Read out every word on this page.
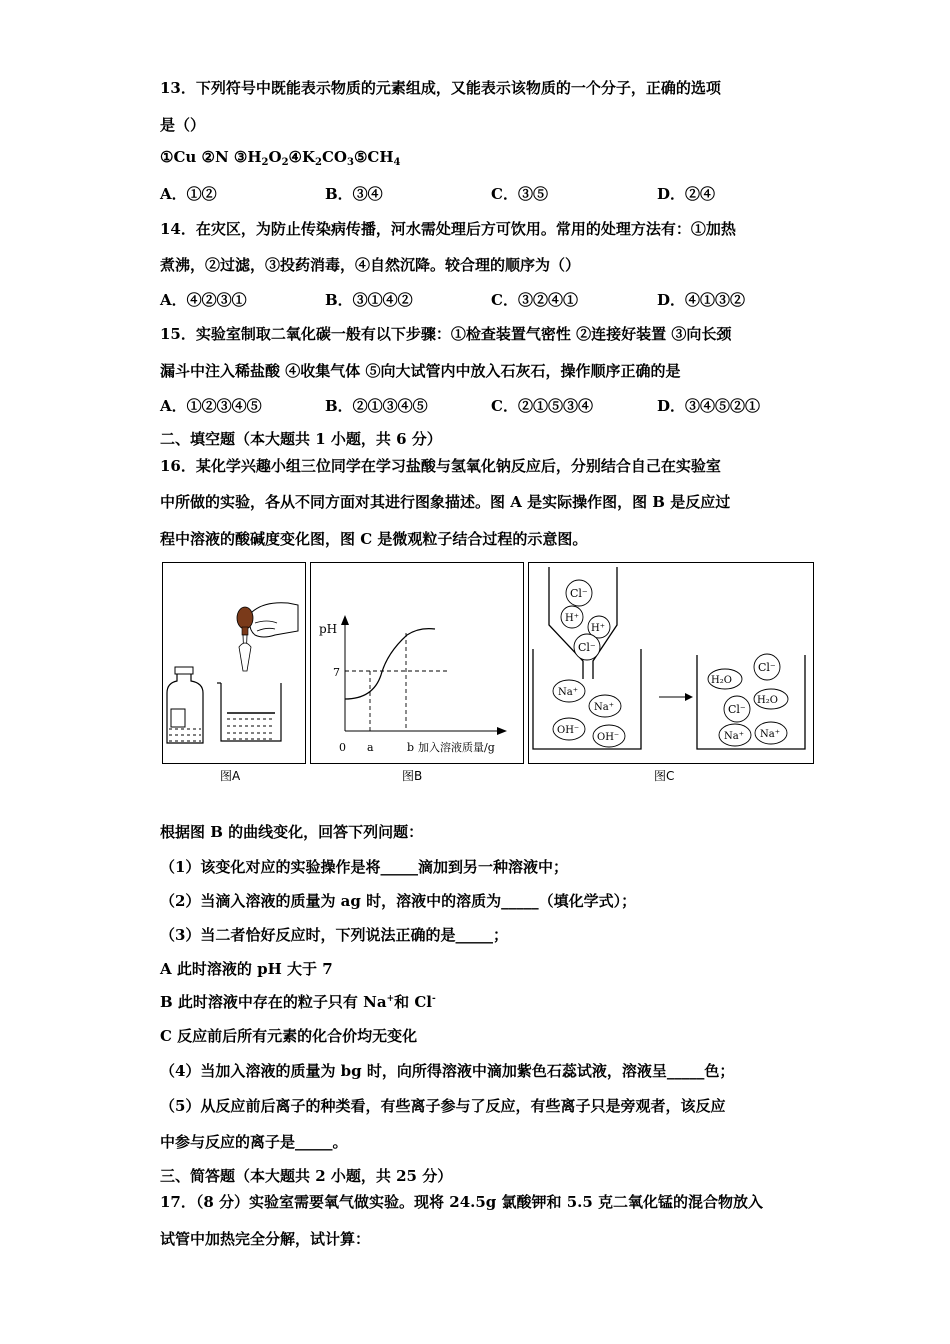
13．下列符号中既能表示物质的元素组成，又能表示该物质的一个分子，正确的选项
是（）
①Cu ②N $③H_2O_2④K_2CO_3⑤CH_4$
A．①②	B．③④	C．③⑤	D．②④
14．在灾区，为防止传染病传播，河水需处理后方可饮用。常用的处理方法有：①加热
煮沸，②过滤，③投药消毒，④自然沉降。较合理的顺序为（）
A．④②③①	B．③①④②	C．③②④①	D．④①③②
15．实验室制取二氧化碳一般有以下步骤：①检查装置气密性 ②连接好装置 ③向长颈
漏斗中注入稀盐酸 ④收集气体 ⑤向大试管内中放入石灰石，操作顺序正确的是
A．①②③④⑤	B．②①③④⑤	C．②①⑤③④	D．③④⑤②①
二、填空题（本大题共 1 小题，共 6 分）
16．某化学兴趣小组三位同学在学习盐酸与氢氧化钠反应后，分别结合自己在实验室
中所做的实验，各从不同方面对其进行图象描述。图 A 是实际操作图，图 B 是反应过
程中溶液的酸碱度变化图，图 C 是微观粒子结合过程的示意图。
图A
pH
7
0 a	b 加入溶液质量/g
图B
Cl⁻
H⁺
H⁺
Cl⁻
Na⁺
Na⁺
OH⁻
OH⁻
Cl⁻
H₂O
H₂O
Cl⁻
Na⁺ Na⁺
图C
根据图 B 的曲线变化，回答下列问题：
（1）该变化对应的实验操作是将_____滴加到另一种溶液中；
（2）当滴入溶液的质量为 ag 时，溶液中的溶质为_____（填化学式）；
（3）当二者恰好反应时，下列说法正确的是_____；
A 此时溶液的 pH 大于 7
B 此时溶液中存在的粒子只有 Na+和 Cl-
C 反应前后所有元素的化合价均无变化
（4）当加入溶液的质量为 bg 时，向所得溶液中滴加紫色石蕊试液，溶液呈_____色；
（5）从反应前后离子的种类看，有些离子参与了反应，有些离子只是旁观者，该反应
中参与反应的离子是_____。
三、简答题（本大题共 2 小题，共 25 分）
17．（8 分）实验室需要氧气做实验。现将 24.5g 氯酸钾和 5.5 克二氧化锰的混合物放入
试管中加热完全分解，试计算：
